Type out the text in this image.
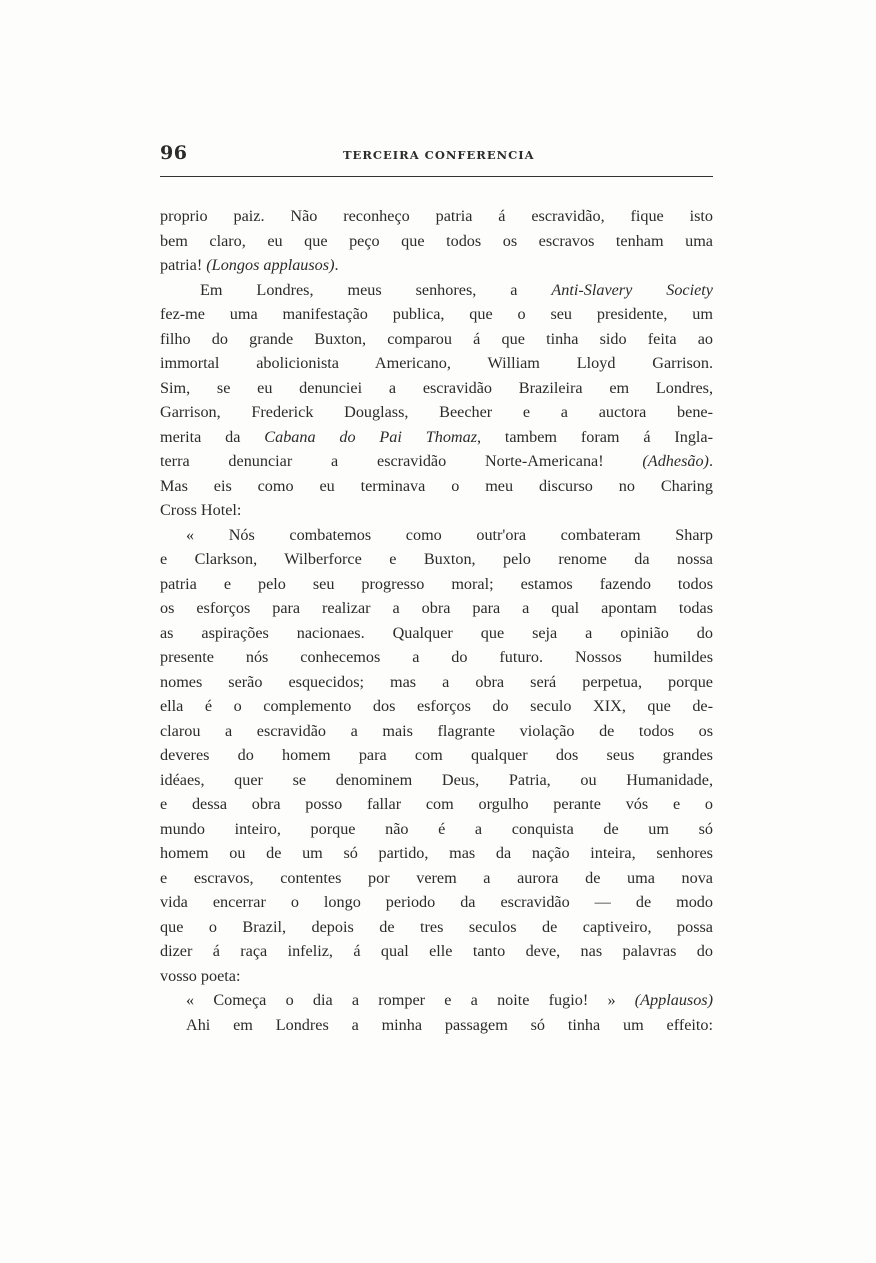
96	TERCEIRA CONFERENCIA
proprio paiz. Não reconheço patria á escravidão, fique isto
bem claro, eu que peço que todos os escravos tenham uma
patria! (Longos applausos).
Em Londres, meus senhores, a Anti-Slavery Society
fez-me uma manifestação publica, que o seu presidente, um
filho do grande Buxton, comparou á que tinha sido feita ao
immortal abolicionista Americano, William Lloyd Garrison.
Sim, se eu denunciei a escravidão Brazileira em Londres,
Garrison, Frederick Douglass, Beecher e a auctora bene-
merita da Cabana do Pai Thomaz, tambem foram á Ingla-
terra denunciar a escravidão Norte-Americana! (Adhesão).
Mas eis como eu terminava o meu discurso no Charing
Cross Hotel:
« Nós combatemos como outr'ora combateram Sharp
e Clarkson, Wilberforce e Buxton, pelo renome da nossa
patria e pelo seu progresso moral; estamos fazendo todos
os esforços para realizar a obra para a qual apontam todas
as aspirações nacionaes. Qualquer que seja a opinião do
presente nós conhecemos a do futuro. Nossos humildes
nomes serão esquecidos; mas a obra será perpetua, porque
ella é o complemento dos esforços do seculo XIX, que de-
clarou a escravidão a mais flagrante violação de todos os
deveres do homem para com qualquer dos seus grandes
idéaes, quer se denominem Deus, Patria, ou Humanidade,
e dessa obra posso fallar com orgulho perante vós e o
mundo inteiro, porque não é a conquista de um só
homem ou de um só partido, mas da nação inteira, senhores
e escravos, contentes por verem a aurora de uma nova
vida encerrar o longo periodo da escravidão — de modo
que o Brazil, depois de tres seculos de captiveiro, possa
dizer á raça infeliz, á qual elle tanto deve, nas palavras do
vosso poeta:
« Começa o dia a romper e a noite fugio! » (Applausos)
Ahi em Londres a minha passagem só tinha um effeito:
